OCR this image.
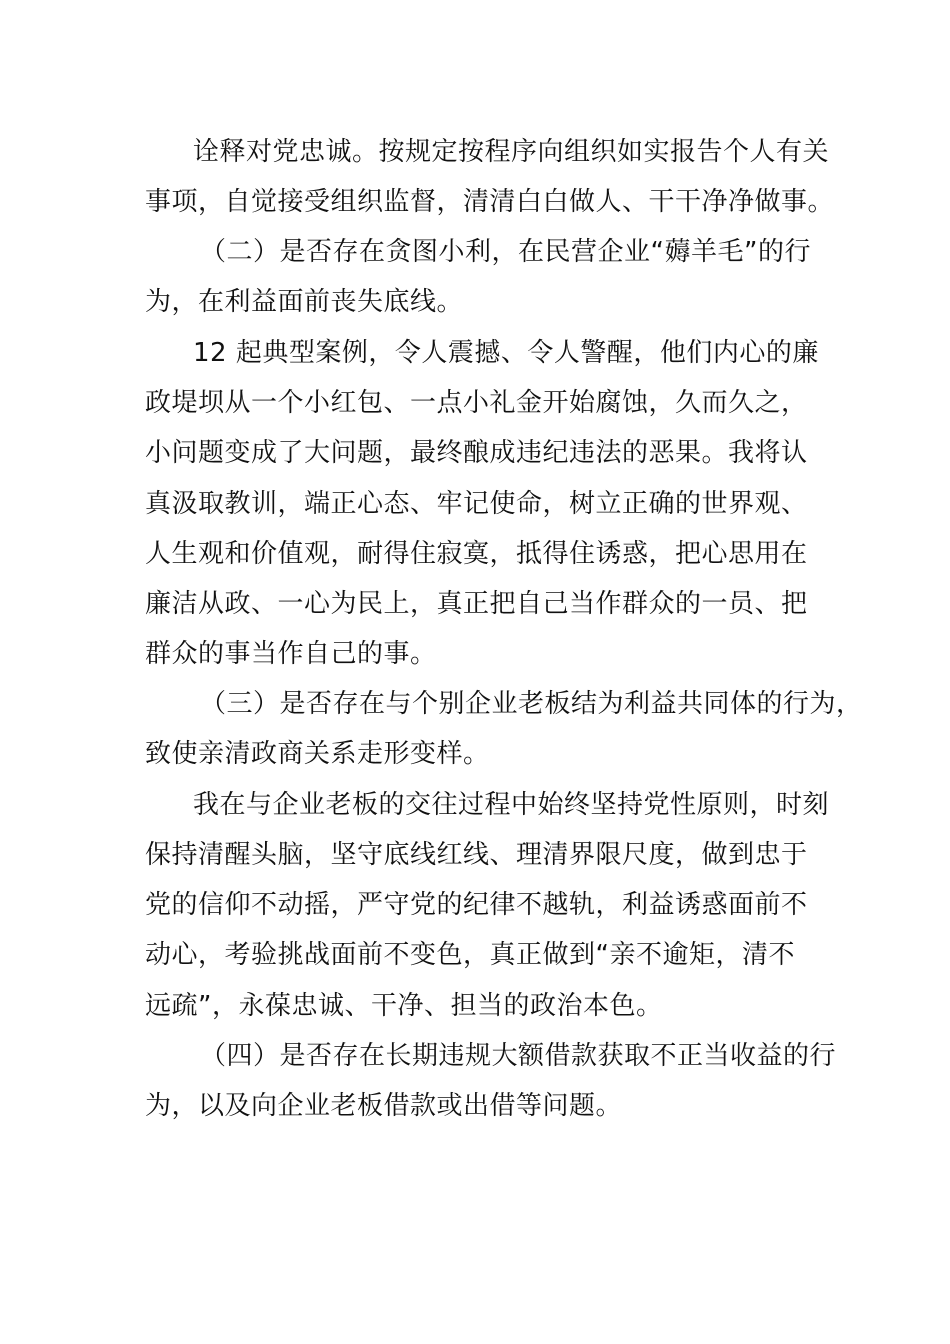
诠释对党忠诚。按规定按程序向组织如实报告个人有关
事项，自觉接受组织监督，清清白白做人、干干净净做事。
（二）是否存在贪图小利，在民营企业“薅羊毛”的行
为，在利益面前丧失底线。
12 起典型案例，令人震撼、令人警醒，他们内心的廉
政堤坝从一个小红包、一点小礼金开始腐蚀，久而久之，
小问题变成了大问题，最终酿成违纪违法的恶果。我将认
真汲取教训，端正心态、牢记使命，树立正确的世界观、
人生观和价值观，耐得住寂寞，抵得住诱惑，把心思用在
廉洁从政、一心为民上，真正把自己当作群众的一员、把
群众的事当作自己的事。
（三）是否存在与个别企业老板结为利益共同体的行为，
致使亲清政商关系走形变样。
我在与企业老板的交往过程中始终坚持党性原则，时刻
保持清醒头脑，坚守底线红线、理清界限尺度，做到忠于
党的信仰不动摇，严守党的纪律不越轨，利益诱惑面前不
动心，考验挑战面前不变色，真正做到“亲不逾矩，清不
远疏”，永葆忠诚、干净、担当的政治本色。
（四）是否存在长期违规大额借款获取不正当收益的行
为，以及向企业老板借款或出借等问题。
